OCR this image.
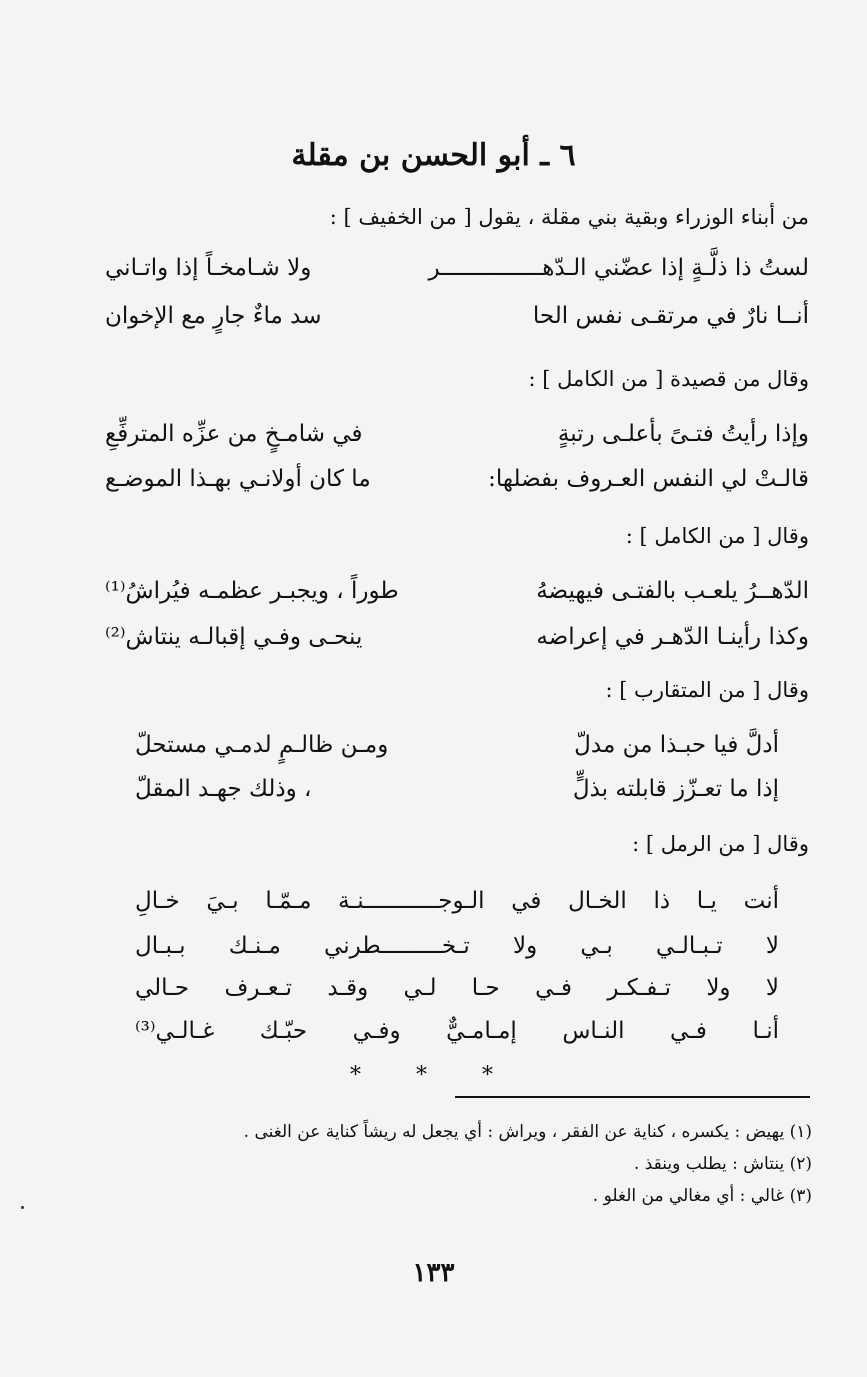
٦ ـ أبو الحسن بن مقلة
من أبناء الوزراء وبقية بني مقلة ، يقول [ من الخفيف ] :
لستُ ذا ذلَّـةٍ إذا عضّني الـدّهـــــــــــــــر
ولا شـامخـاً إذا واتـاني
أنــا نارٌ في مرتقـى نفس الحا
سد ماءٌ جارٍ مع الإخوان
وقال من قصيدة [ من الكامل ] :
وإذا رأيتُ فتـىً بأعلـى رتبةٍ
في شامـخٍ من عزِّه المترفِّعِ
قالـتْ لي النفس العـروف بفضلها:
ما كان أولانـي بهـذا الموضـع
وقال [ من الكامل ] :
الدّهــرُ يلعـب بالفتـى فيهيضهُ
طوراً ، ويجبـر عظمـه فيُراشُ⁽¹⁾
وكذا رأينـا الدّهـر في إعراضه
ينحـى وفـي إقبالـه ينتاش⁽²⁾
وقال [ من المتقارب ] :
أدلَّ فيا حبـذا من مدلّ
ومـن ظالـمٍ لدمـي مستحلّ
إذا ما تعـزّز قابلته بذلٍّ
، وذلك جهـد المقلّ
وقال [ من الرمل ] :
أنت يـا ذا الخـال في الـوجـــــــــــنـة مـمّـا بـيَ خـالِ
لا تـبـالـي بـي ولا تـخـــــــــطرني مـنـك بـبـال
لا ولا تـفـكـر فـي حـا لـي وقـد تـعـرف حـالي
أنـا فـي النـاس إمـامـيٌّ وفـي حبّـك غـالـي⁽³⁾
* * *
(١) يهيض : يكسره ، كناية عن الفقر ، ويراش : أي يجعل له ريشاً كناية عن الغنى .
(٢) ينتاش : يطلب وينقذ .
(٣) غالي : أي مغالي من الغلو .
١٣٣
